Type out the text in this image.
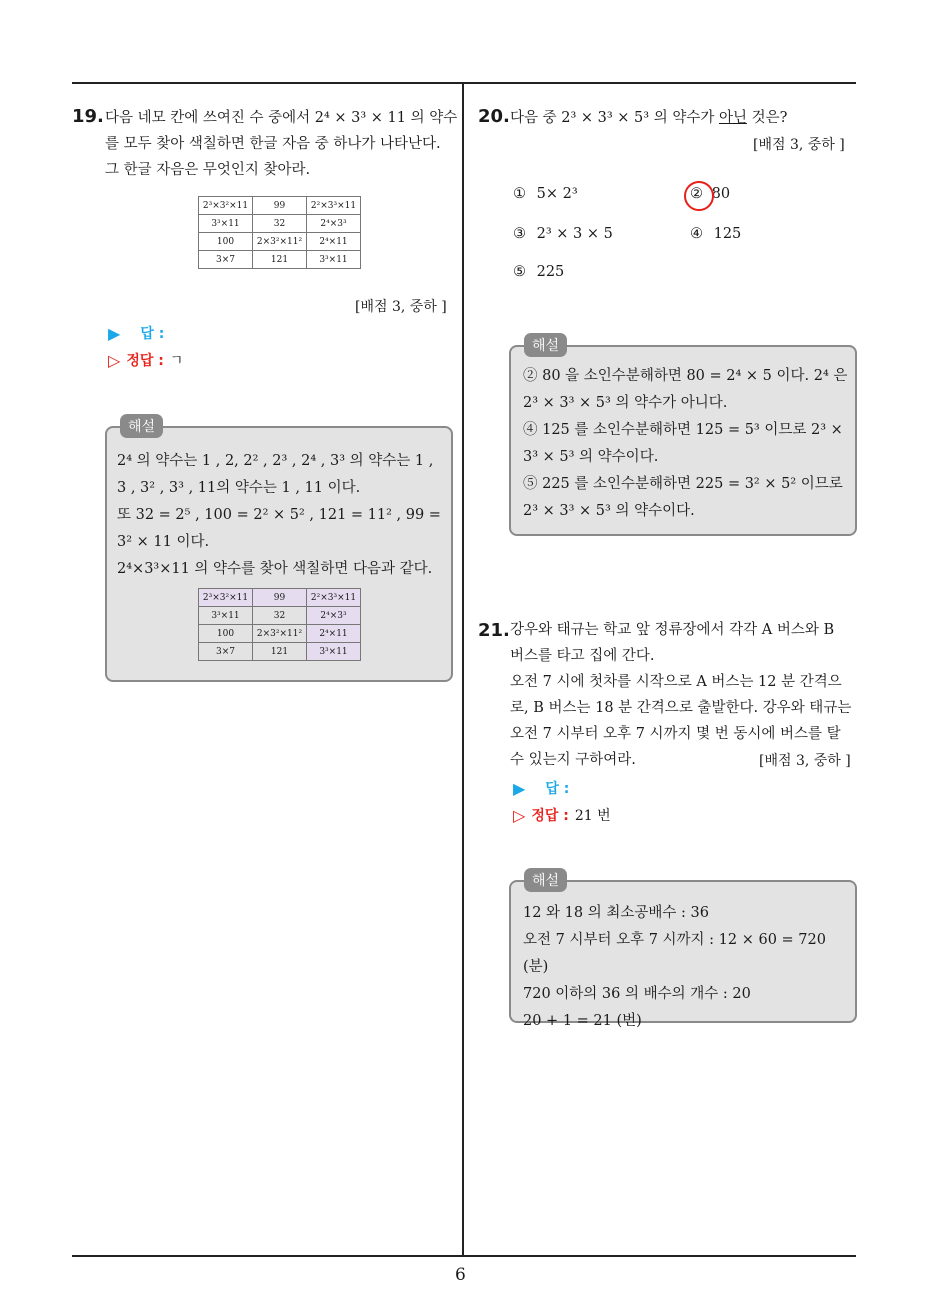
19. 다음 네모 칸에 쓰여진 수 중에서 2⁴ × 3³ × 11 의 약수
를 모두 찾아 색칠하면 한글 자음 중 하나가 나타난다.
그 한글 자음은 무엇인지 찾아라.
2³×3²×11	99	2²×3³×11
3³×11	32	2⁴×3³
100	2×3²×11²	2⁴×11
3×7	121	3³×11
[배점 3, 중하 ]
▶ 답 :
▷ 정답 : ㄱ
2⁴ 의 약수는 1 , 2, 2² , 2³ , 2⁴ , 3³ 의 약수는 1 ,
3 , 3² , 3³ , 11의 약수는 1 , 11 이다.
또 32 = 2⁵ , 100 = 2² × 5² , 121 = 11² , 99 =
3² × 11 이다.
2⁴×3³×11 의 약수를 찾아 색칠하면 다음과 같다.
2³×3²×11	99	2²×3³×11
3³×11	32	2⁴×3³
100	2×3²×11²	2⁴×11
3×7	121	3³×11
해설
20. 다음 중 2³ × 3³ × 5³ 의 약수가 아닌 것은?
[배점 3, 중하 ]
① 5× 2³	② 80
③ 2³ × 3 × 5	④ 125
⑤ 225
② 80 을 소인수분해하면 80 = 2⁴ × 5 이다. 2⁴ 은
2³ × 3³ × 5³ 의 약수가 아니다.
④ 125 를 소인수분해하면 125 = 5³ 이므로 2³ ×
3³ × 5³ 의 약수이다.
⑤ 225 를 소인수분해하면 225 = 3² × 5² 이므로
2³ × 3³ × 5³ 의 약수이다.
해설
21. 강우와 태규는 학교 앞 정류장에서 각각 A 버스와 B
버스를 타고 집에 간다.
오전 7 시에 첫차를 시작으로 A 버스는 12 분 간격으
로, B 버스는 18 분 간격으로 출발한다. 강우와 태규는
오전 7 시부터 오후 7 시까지 몇 번 동시에 버스를 탈
수 있는지 구하여라.	[배점 3, 중하 ]
▶ 답 :
▷ 정답 : 21 번
12 와 18 의 최소공배수 : 36
오전 7 시부터 오후 7 시까지 : 12 × 60 = 720 (분)
720 이하의 36 의 배수의 개수 : 20
20 + 1 = 21 (번)
해설
6
